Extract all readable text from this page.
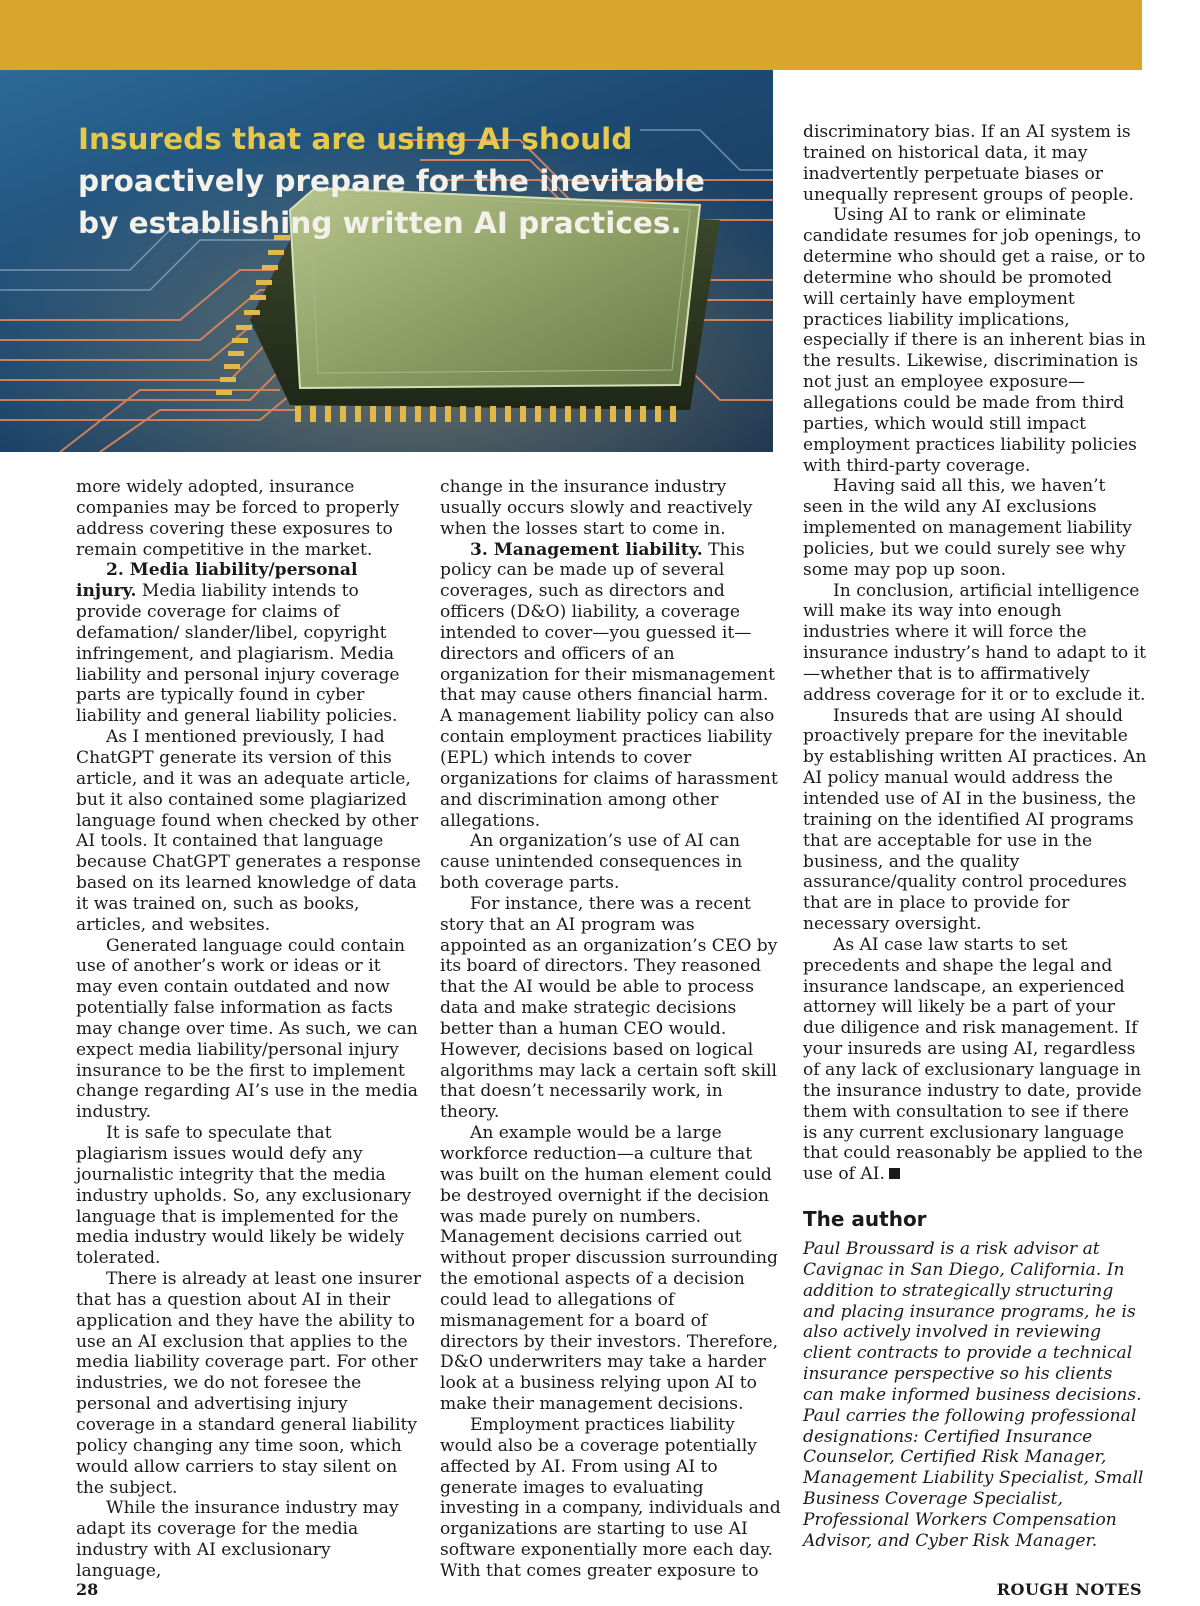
Insureds that are using AI should proactively prepare for the inevitable by establishing written AI practices.

more widely adopted, insurance companies may be forced to properly address covering these exposures to remain competitive in the market.

2. Media liability/personal injury. Media liability intends to provide coverage for claims of defamation/ slander/libel, copyright infringement, and plagiarism. Media liability and personal injury coverage parts are typically found in cyber liability and general liability policies.

As I mentioned previously, I had ChatGPT generate its version of this article, and it was an adequate article, but it also contained some plagiarized language found when checked by other AI tools. It contained that language because ChatGPT generates a response based on its learned knowledge of data it was trained on, such as books, articles, and websites.

Generated language could contain use of another’s work or ideas or it may even contain outdated and now potentially false information as facts may change over time. As such, we can expect media liability/personal injury insurance to be the first to implement change regarding AI’s use in the media industry.

It is safe to speculate that plagiarism issues would defy any journalistic integrity that the media industry upholds. So, any exclusionary language that is implemented for the media industry would likely be widely tolerated.

There is already at least one insurer that has a question about AI in their application and they have the ability to use an AI exclusion that applies to the media liability coverage part. For other industries, we do not foresee the personal and advertising injury coverage in a standard general liability policy changing any time soon, which would allow carriers to stay silent on the subject.

While the insurance industry may adapt its coverage for the media industry with AI exclusionary language,

change in the insurance industry usually occurs slowly and reactively when the losses start to come in.

3. Management liability. This policy can be made up of several coverages, such as directors and officers (D&O) liability, a coverage intended to cover—you guessed it—directors and officers of an organization for their mismanagement that may cause others financial harm. A management liability policy can also contain employment practices liability (EPL) which intends to cover organizations for claims of harassment and discrimination among other allegations.

An organization’s use of AI can cause unintended consequences in both coverage parts.

For instance, there was a recent story that an AI program was appointed as an organization’s CEO by its board of directors. They reasoned that the AI would be able to process data and make strategic decisions better than a human CEO would. However, decisions based on logical algorithms may lack a certain soft skill that doesn’t necessarily work, in theory.

An example would be a large workforce reduction—a culture that was built on the human element could be destroyed overnight if the decision was made purely on numbers. Management decisions carried out without proper discussion surrounding the emotional aspects of a decision could lead to allegations of mismanagement for a board of directors by their investors. Therefore, D&O underwriters may take a harder look at a business relying upon AI to make their management decisions.

Employment practices liability would also be a coverage potentially affected by AI. From using AI to generate images to evaluating investing in a company, individuals and organizations are starting to use AI software exponentially more each day. With that comes greater exposure to

discriminatory bias. If an AI system is trained on historical data, it may inadvertently perpetuate biases or unequally represent groups of people.

Using AI to rank or eliminate candidate resumes for job openings, to determine who should get a raise, or to determine who should be promoted will certainly have employment practices liability implications, especially if there is an inherent bias in the results. Likewise, discrimination is not just an employee exposure—allegations could be made from third parties, which would still impact employment practices liability policies with third-party coverage.

Having said all this, we haven’t seen in the wild any AI exclusions implemented on management liability policies, but we could surely see why some may pop up soon.

In conclusion, artificial intelligence will make its way into enough industries where it will force the insurance industry’s hand to adapt to it—whether that is to affirmatively address coverage for it or to exclude it.

Insureds that are using AI should proactively prepare for the inevitable by establishing written AI practices. An AI policy manual would address the intended use of AI in the business, the training on the identified AI programs that are acceptable for use in the business, and the quality assurance/quality control procedures that are in place to provide for necessary oversight.

As AI case law starts to set precedents and shape the legal and insurance landscape, an experienced attorney will likely be a part of your due diligence and risk management. If your insureds are using AI, regardless of any lack of exclusionary language in the insurance industry to date, provide them with consultation to see if there is any current exclusionary language that could reasonably be applied to the use of AI.

The author

Paul Broussard is a risk advisor at Cavignac in San Diego, California. In addition to strategically structuring and placing insurance programs, he is also actively involved in reviewing client contracts to provide a technical insurance perspective so his clients can make informed business decisions. Paul carries the following professional designations: Certified Insurance Counselor, Certified Risk Manager, Management Liability Specialist, Small Business Coverage Specialist, Professional Workers Compensation Advisor, and Cyber Risk Manager.

28	ROUGH NOTES
